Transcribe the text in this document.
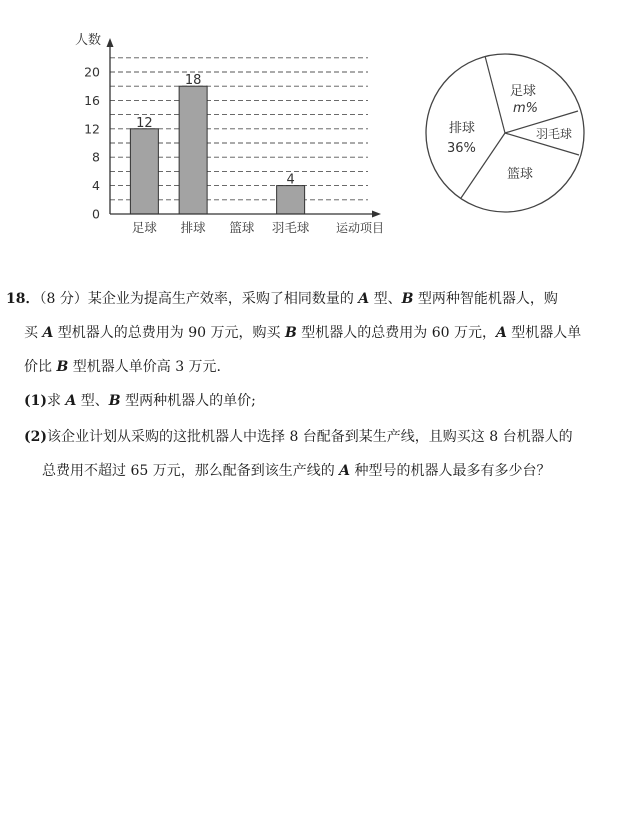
0
4
8
12
16
20
12
18
4
足球 排球 篮球 羽毛球
人数
运动项目
足球
m%
羽毛球
篮球
排球
36%
18．（8 分）某企业为提高生产效率，采购了相同数量的 A 型、B 型两种智能机器人，购
买 A 型机器人的总费用为 90 万元，购买 B 型机器人的总费用为 60 万元，A 型机器人单
价比 B 型机器人单价高 3 万元.
(1)求 A 型、B 型两种机器人的单价;
(2)该企业计划从采购的这批机器人中选择 8 台配备到某生产线，且购买这 8 台机器人的
总费用不超过 65 万元，那么配备到该生产线的 A 种型号的机器人最多有多少台？
